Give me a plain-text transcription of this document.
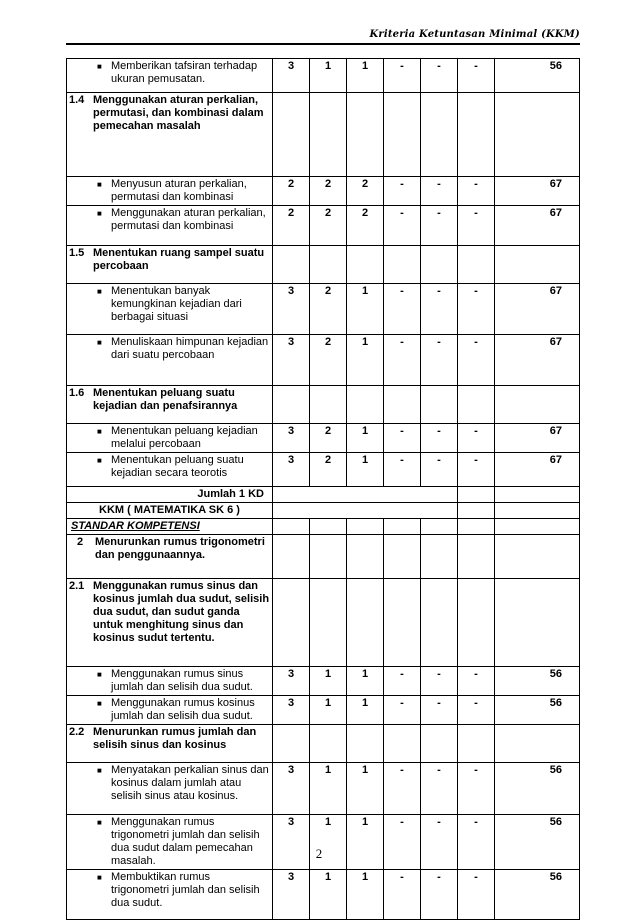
Kriteria Ketuntasan Minimal (KKM)
■ Memberikan tafsiran terhadap ukuran pemusatan.	3	1	1	-	-	-	56

1.4 Menggunakan aturan perkalian, permutasi, dan kombinasi dalam pemecahan masalah							

■ Menyusun aturan perkalian, permutasi dan kombinasi	2	2	2	-	-	-	67

■ Menggunakan aturan perkalian, permutasi dan kombinasi	2	2	2	-	-	-	67

1.5 Menentukan ruang sampel suatu percobaan							

■ Menentukan banyak kemungkinan kejadian dari berbagai situasi	3	2	1	-	-	-	67

■ Menuliskaan himpunan kejadian dari suatu percobaan	3	2	1	-	-	-	67

1.6 Menentukan peluang suatu kejadian dan penafsirannya							

■ Menentukan peluang kejadian melalui percobaan	3	2	1	-	-	-	67

■ Menentukan peluang suatu kejadian secara teorotis	3	2	1	-	-	-	67

Jumlah 1 KD							

KKM ( MATEMATIKA SK 6 )							

STANDAR KOMPETENSI							

2 Menurunkan rumus trigonometri dan penggunaannya.							

2.1 Menggunakan rumus sinus dan kosinus jumlah dua sudut, selisih dua sudut, dan sudut ganda untuk menghitung sinus dan kosinus sudut tertentu.							

■ Menggunakan rumus sinus jumlah dan selisih dua sudut.	3	1	1	-	-	-	56

■ Menggunakan rumus kosinus jumlah dan selisih dua sudut.	3	1	1	-	-	-	56

2.2 Menurunkan rumus jumlah dan selisih sinus dan kosinus							

■ Menyatakan perkalian sinus dan kosinus dalam jumlah atau selisih sinus atau kosinus.	3	1	1	-	-	-	56

■ Menggunakan rumus trigonometri jumlah dan selisih dua sudut dalam pemecahan masalah.	3	1	1	-	-	-	56

■ Membuktikan rumus trigonometri jumlah dan selisih dua sudut.	3	1	1	-	-	-	56
2
